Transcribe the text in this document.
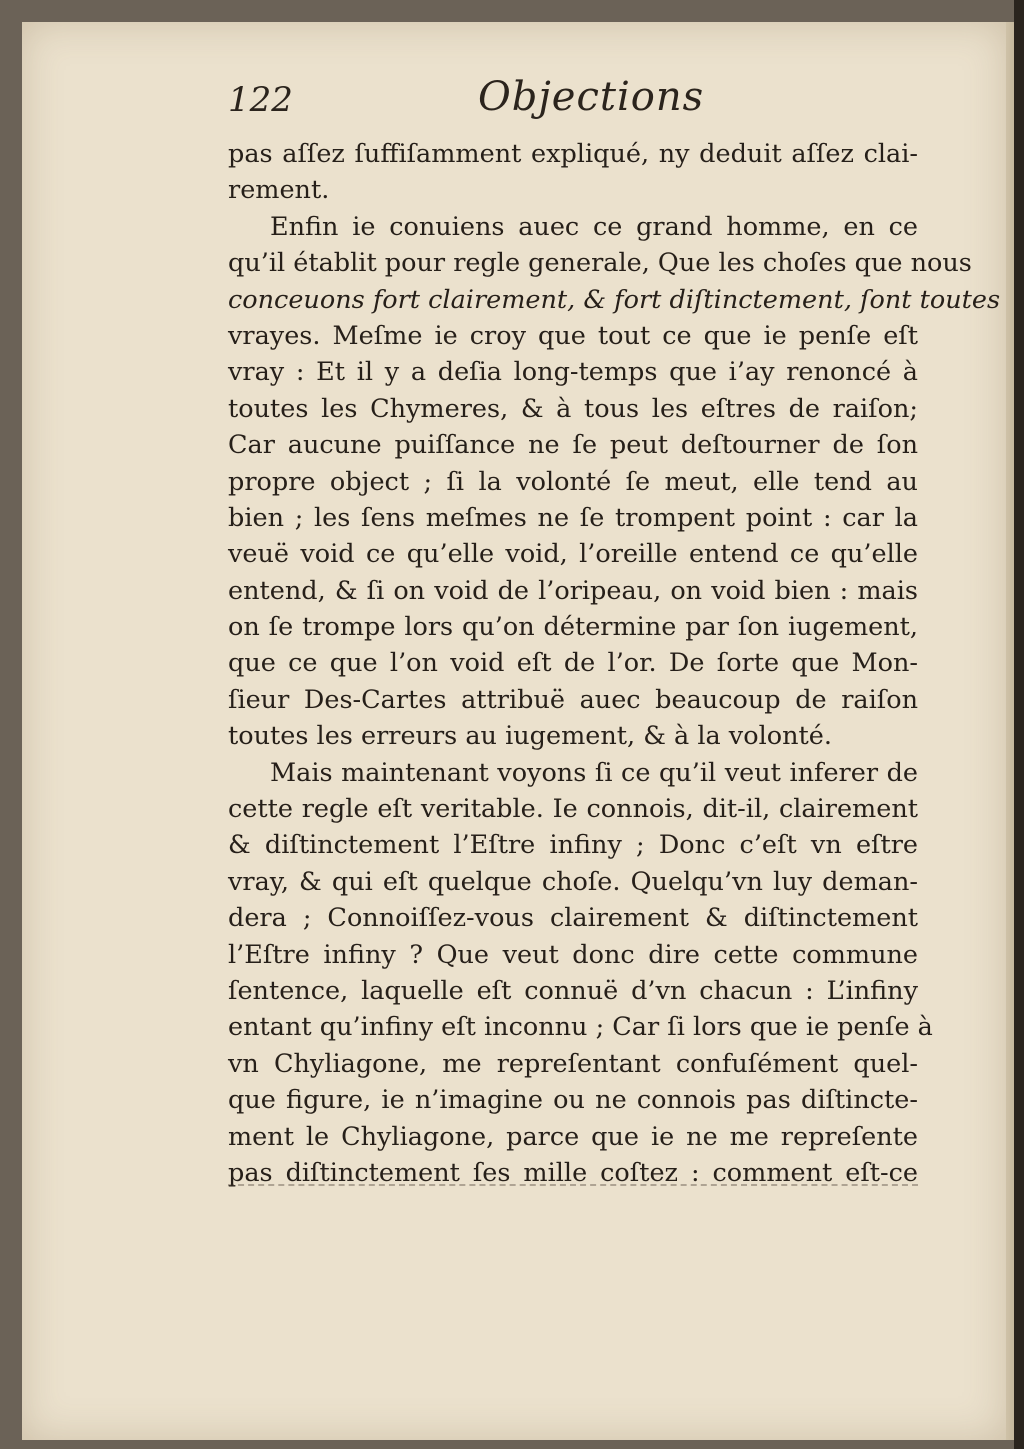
122	Objections
pas aſſez ſuffiſamment expliqué, ny deduit aſſez clai-
rement.
Enfin ie conuiens auec ce grand homme, en ce
qu’il établit pour regle generale, Que les choſes que nous
conceuons fort clairement, & fort diſtinctement, ſont toutes
vrayes. Meſme ie croy que tout ce que ie penſe eſt
vray : Et il y a deſia long-temps que i’ay renoncé à
toutes les Chymeres, & à tous les eſtres de raiſon;
Car aucune puiſſance ne ſe peut deſtourner de ſon
propre object ; ſi la volonté ſe meut, elle tend au
bien ; les ſens meſmes ne ſe trompent point : car la
veuë void ce qu’elle void, l’oreille entend ce qu’elle
entend, & ſi on void de l’oripeau, on void bien : mais
on ſe trompe lors qu’on détermine par ſon iugement,
que ce que l’on void eſt de l’or. De ſorte que Mon-
ſieur Des-Cartes attribuë auec beaucoup de raiſon
toutes les erreurs au iugement, & à la volonté.
Mais maintenant voyons ſi ce qu’il veut inferer de
cette regle eſt veritable. Ie connois, dit-il, clairement
& diſtinctement l’Eſtre infiny ; Donc c’eſt vn eſtre
vray, & qui eſt quelque choſe. Quelqu’vn luy deman-
dera ; Connoiſſez-vous clairement & diſtinctement
l’Eſtre infiny ? Que veut donc dire cette commune
ſentence, laquelle eſt connuë d’vn chacun : L’infiny
entant qu’infiny eſt inconnu ; Car ſi lors que ie penſe à
vn Chyliagone, me repreſentant confuſément quel-
que figure, ie n’imagine ou ne connois pas diſtincte-
ment le Chyliagone, parce que ie ne me repreſente
pas diſtinctement ſes mille coſtez : comment eſt-ce
